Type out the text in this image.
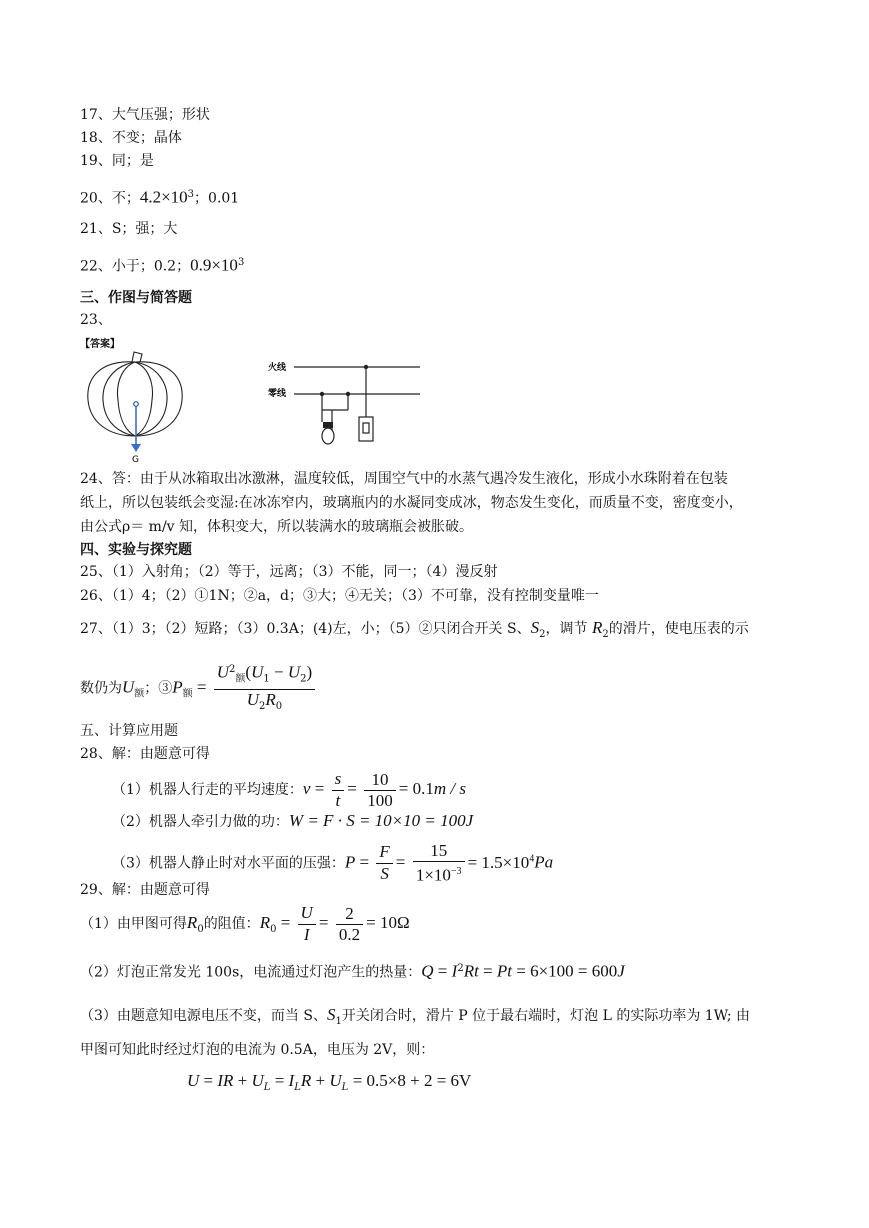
17、大气压强；形状
18、不变；晶体
19、同；是
20、不；$4.2\times 10^3$；0.01
21、S；强；大
22、小于；0.2；$0.9\times 10^3$
三、作图与简答题
23、
【答案】
G
火线
零线
24、答：由于从冰箱取出冰激淋，温度较低，周围空气中的水蒸气遇冷发生液化，形成小水珠附着在包装
纸上，所以包装纸会变湿:在冰冻窄内，玻璃瓶内的水凝同变成冰，物态发生变化，而质量不变，密度变小，
由公式ρ＝ m/v 知，体积变大，所以装满水的玻璃瓶会被胀破。
四、实验与探究题
25、（1）入射角；（2）等于，远离；（3）不能，同一；（4）漫反射
26、（1）4；（2）①1N；②a，d；③大；④无关；（3）不可靠，没有控制变量唯一
27、（1）3；（2）短路；（3）0.3A；(4)左，小；（5）②只闭合开关 S、$S_2$，调节 $R_2$的滑片，使电压表的示
数仍为$U_额$；$③P_额 = \frac{U^2_额(U_1 - U_2)}{U_2R_0}$
五、计算应用题
28、解：由题意可得
（1）机器人行走的平均速度：$v = \frac{s}{t} = \frac{10}{100} = 0.1m / s$
（2）机器人牵引力做的功：W = F · S = 10×10 = 100J
（3）机器人静止时对水平面的压强：$P = \frac{F}{S} = \frac{15}{1\times 10^{-3}} = 1.5\times 10^4Pa$
29、解：由题意可得
（1）由甲图可得$R_0$的阻值：$R_0 = \frac{U}{I} = \frac{2}{0.2} = 10\Omega$
（2）灯泡正常发光 100s，电流通过灯泡产生的热量：$Q = I^2Rt = Pt = 6\times 100 = 600J$
（3）由题意知电源电压不变，而当 S、$S_1$开关闭合时，滑片 P 位于最右端时，灯泡 L 的实际功率为 1W; 由
甲图可知此时经过灯泡的电流为 0.5A，电压为 2V，则：
U = IR + $U_L = I_LR + U_L = 0.5\times 8 + 2 = 6V$
